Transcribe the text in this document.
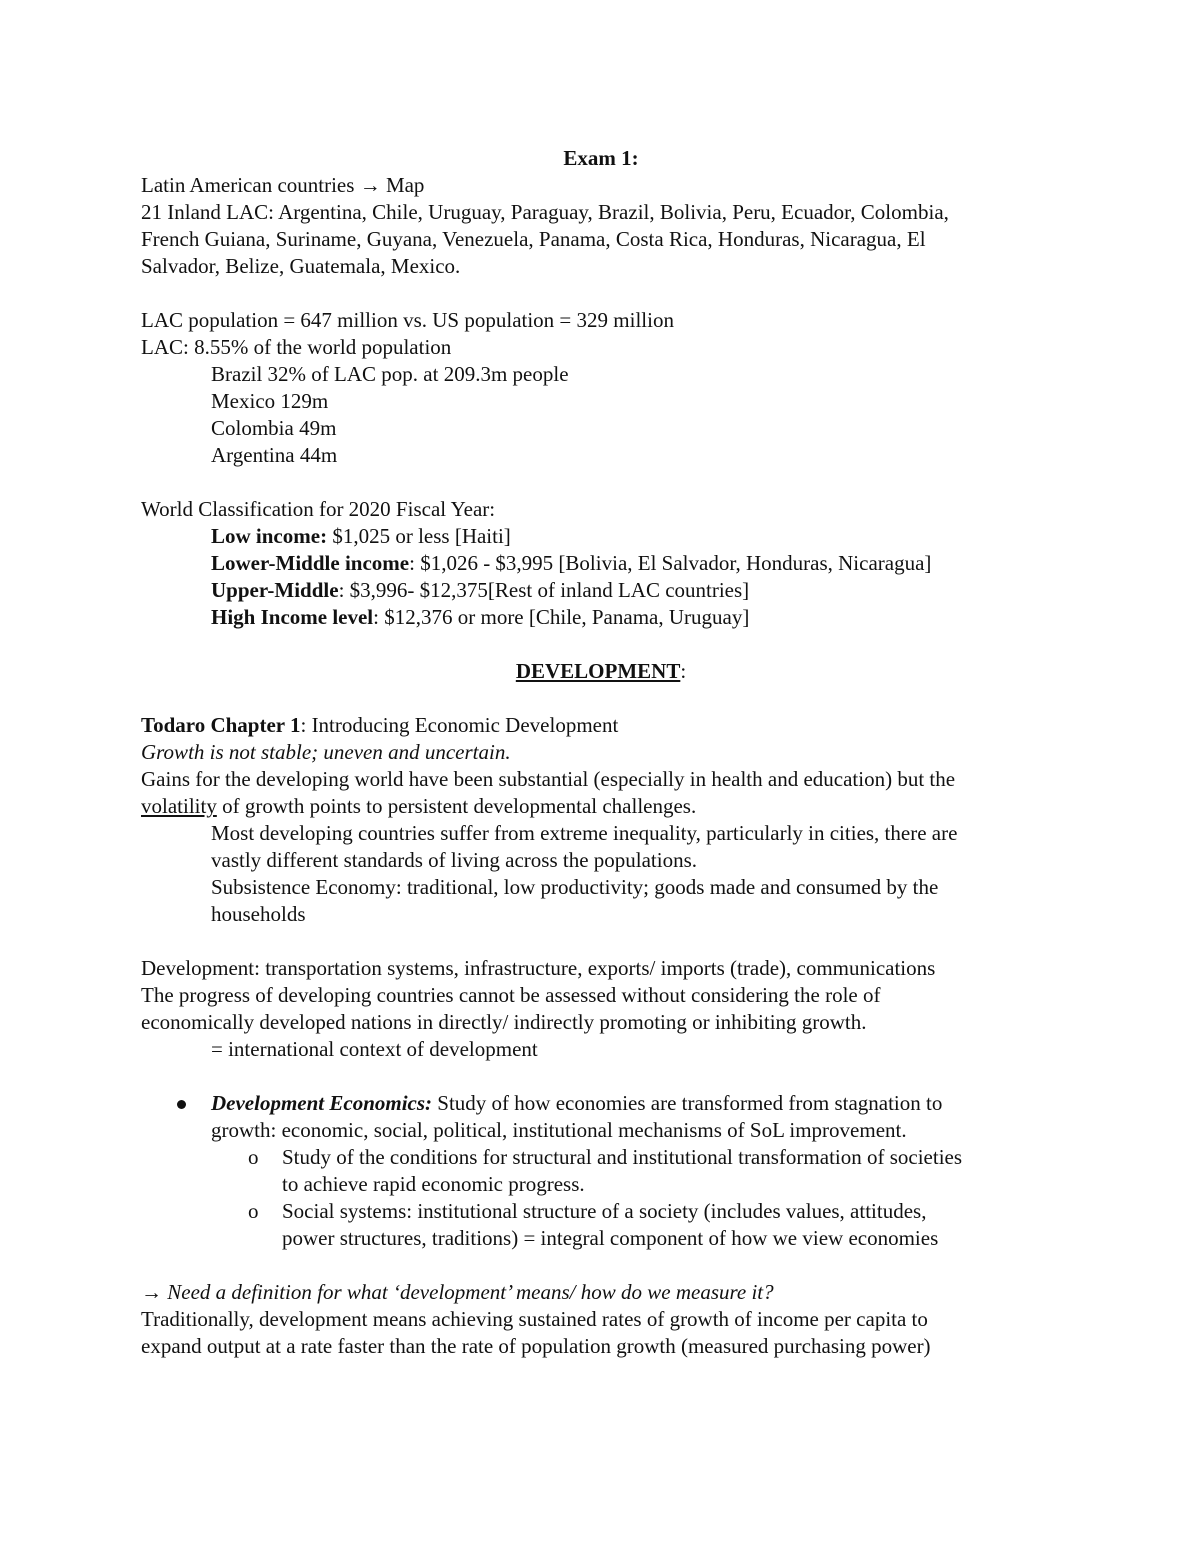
Exam 1:
Latin American countries → Map
21 Inland LAC: Argentina, Chile, Uruguay, Paraguay, Brazil, Bolivia, Peru, Ecuador, Colombia,
French Guiana, Suriname, Guyana, Venezuela, Panama, Costa Rica, Honduras, Nicaragua, El
Salvador, Belize, Guatemala, Mexico.
LAC population = 647 million vs. US population = 329 million
LAC: 8.55% of the world population
Brazil 32% of LAC pop. at 209.3m people
Mexico 129m
Colombia 49m
Argentina 44m
World Classification for 2020 Fiscal Year:
Low income: $1,025 or less [Haiti]
Lower-Middle income: $1,026 - $3,995 [Bolivia, El Salvador, Honduras, Nicaragua]
Upper-Middle: $3,996- $12,375[Rest of inland LAC countries]
High Income level: $12,376 or more [Chile, Panama, Uruguay]
DEVELOPMENT:
Todaro Chapter 1: Introducing Economic Development
Growth is not stable; uneven and uncertain.
Gains for the developing world have been substantial (especially in health and education) but the
volatility of growth points to persistent developmental challenges.
Most developing countries suffer from extreme inequality, particularly in cities, there are
vastly different standards of living across the populations.
Subsistence Economy: traditional, low productivity; goods made and consumed by the
households
Development: transportation systems, infrastructure, exports/ imports (trade), communications
The progress of developing countries cannot be assessed without considering the role of
economically developed nations in directly/ indirectly promoting or inhibiting growth.
= international context of development
Development Economics: Study of how economies are transformed from stagnation to
growth: economic, social, political, institutional mechanisms of SoL improvement.
o Study of the conditions for structural and institutional transformation of societies
to achieve rapid economic progress.
o Social systems: institutional structure of a society (includes values, attitudes,
power structures, traditions) = integral component of how we view economies
→ Need a definition for what ‘development’ means/ how do we measure it?
Traditionally, development means achieving sustained rates of growth of income per capita to
expand output at a rate faster than the rate of population growth (measured purchasing power)
